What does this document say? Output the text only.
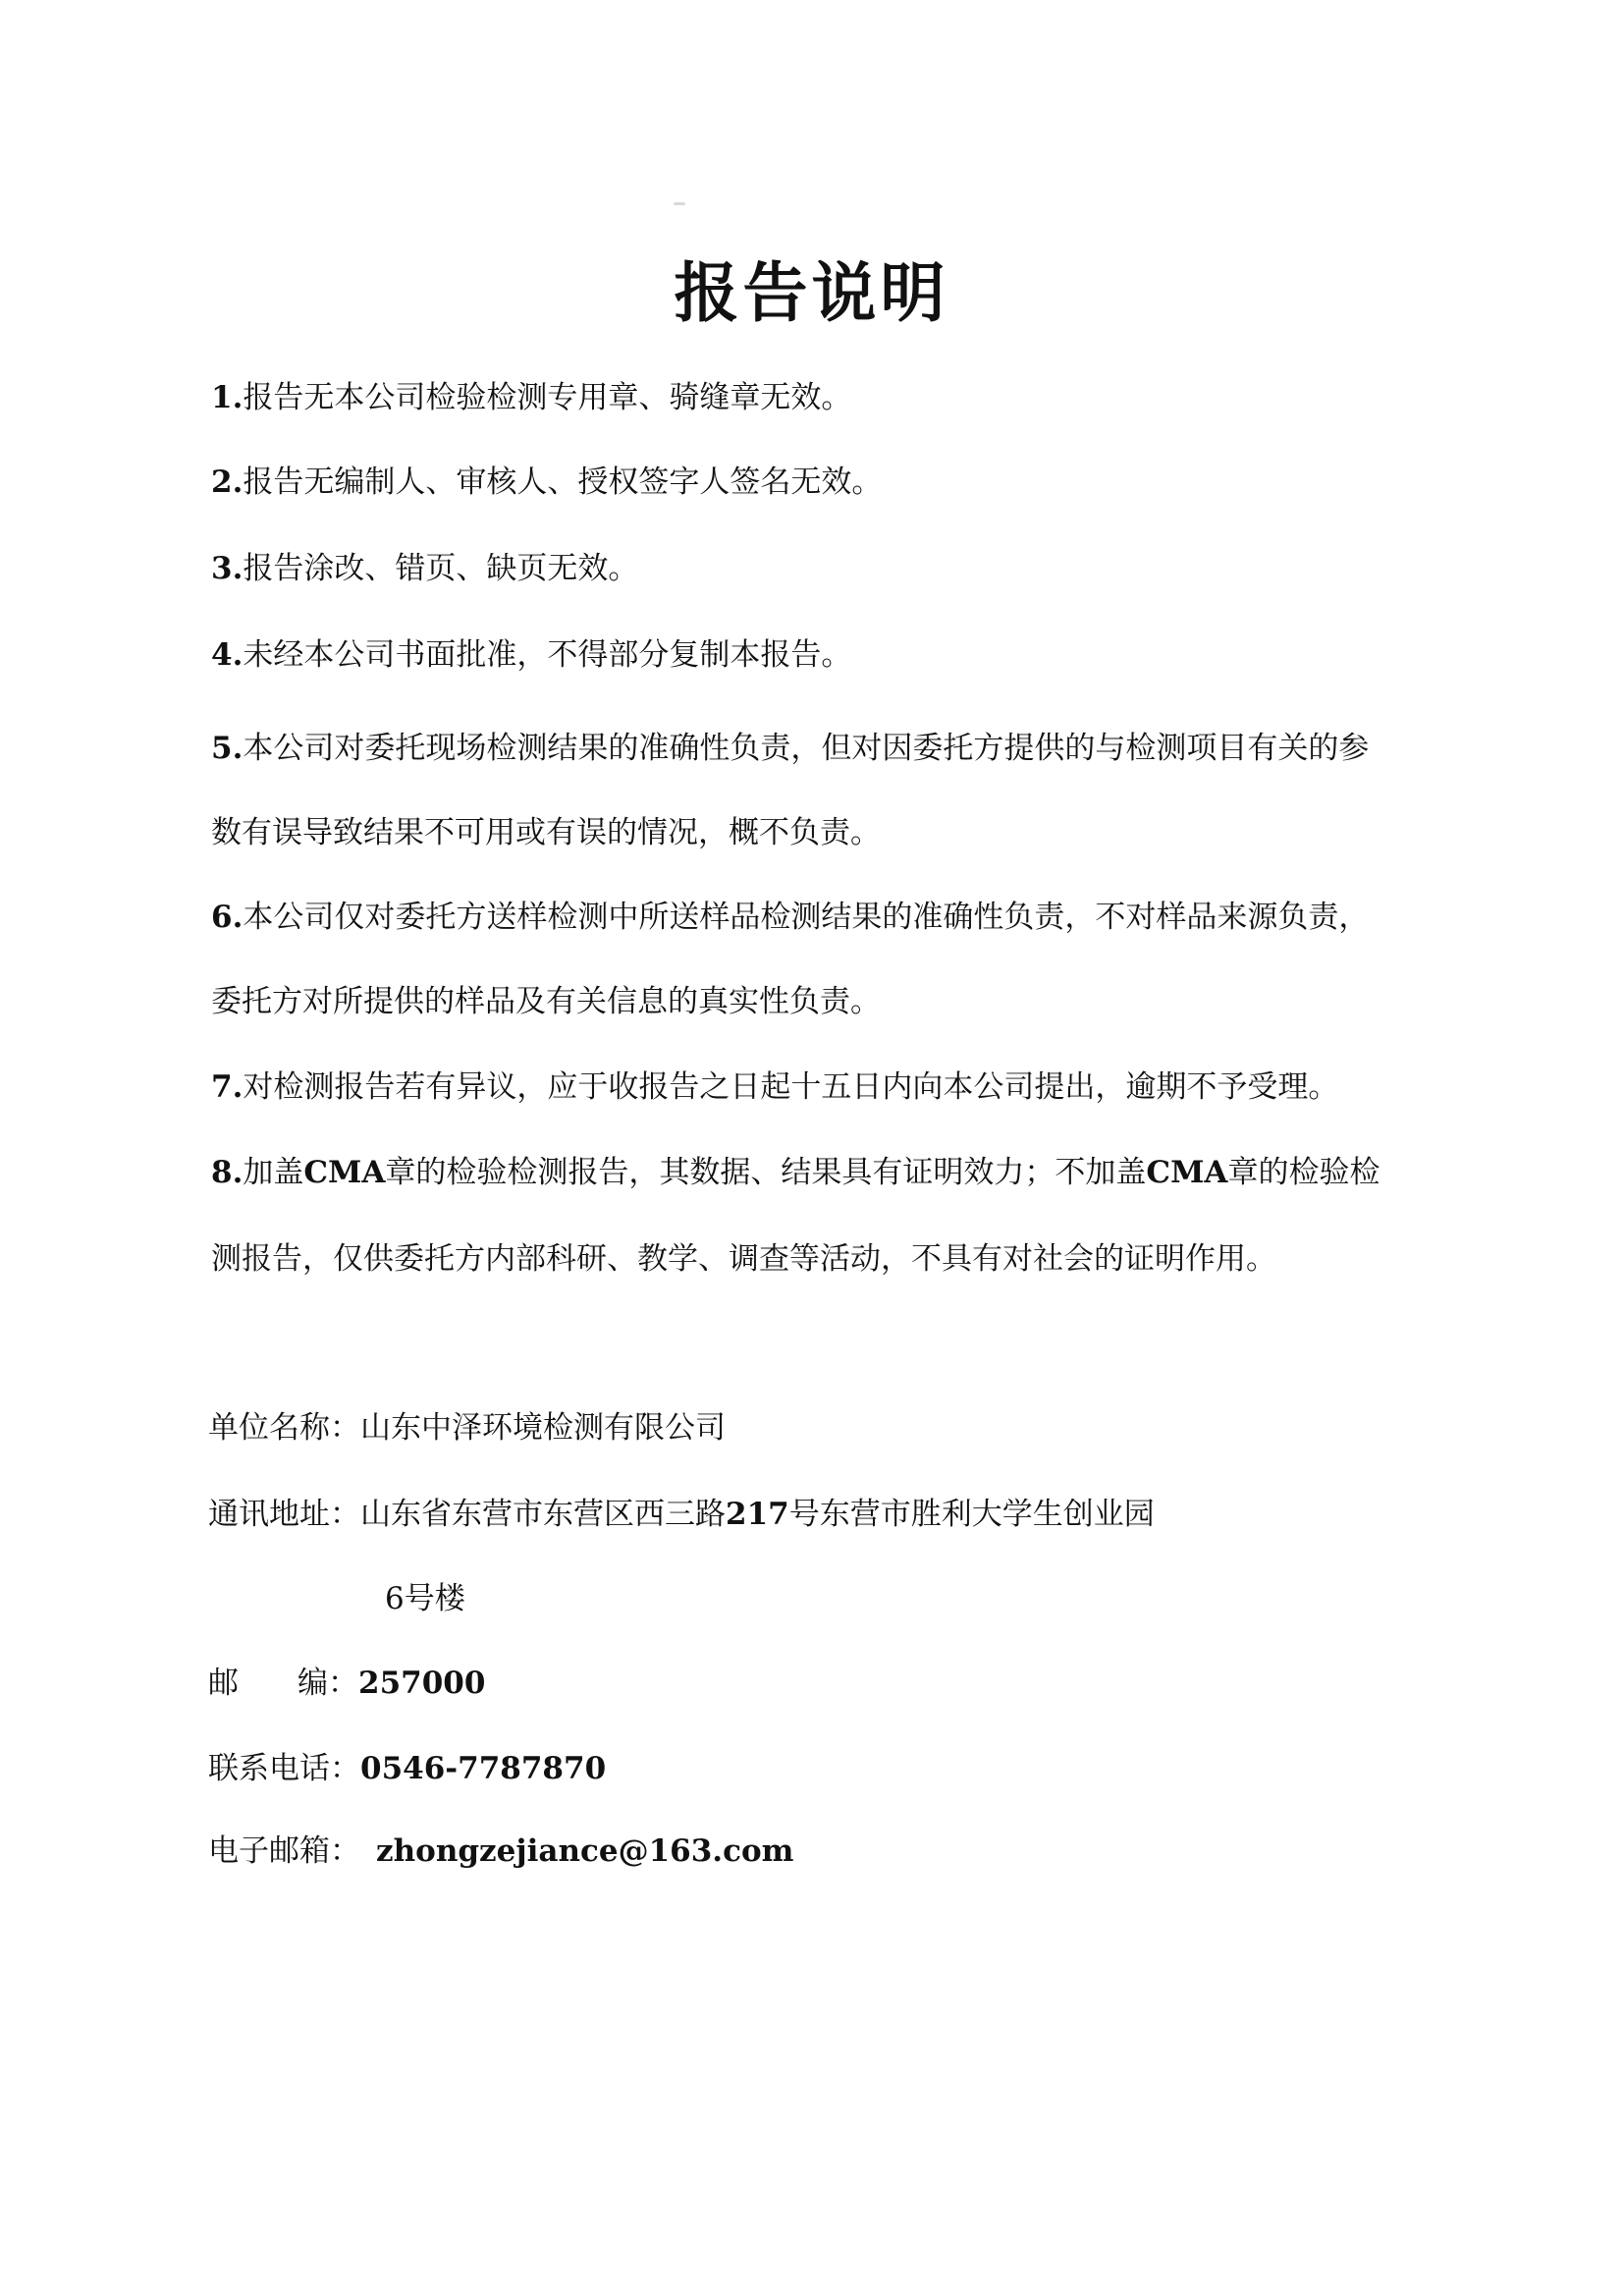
报告说明
1.报告无本公司检验检测专用章、骑缝章无效。
2.报告无编制人、审核人、授权签字人签名无效。
3.报告涂改、错页、缺页无效。
4.未经本公司书面批准，不得部分复制本报告。
5.本公司对委托现场检测结果的准确性负责，但对因委托方提供的与检测项目有关的参
数有误导致结果不可用或有误的情况，概不负责。
6.本公司仅对委托方送样检测中所送样品检测结果的准确性负责，不对样品来源负责，
委托方对所提供的样品及有关信息的真实性负责。
7.对检测报告若有异议，应于收报告之日起十五日内向本公司提出，逾期不予受理。
8.加盖CMA章的检验检测报告，其数据、结果具有证明效力；不加盖CMA章的检验检
测报告，仅供委托方内部科研、教学、调查等活动，不具有对社会的证明作用。
单位名称：山东中泽环境检测有限公司
通讯地址：山东省东营市东营区西三路217号东营市胜利大学生创业园
6号楼
邮 编：257000
联系电话：0546-7787870
电子邮箱： zhongzejiance@163.com
